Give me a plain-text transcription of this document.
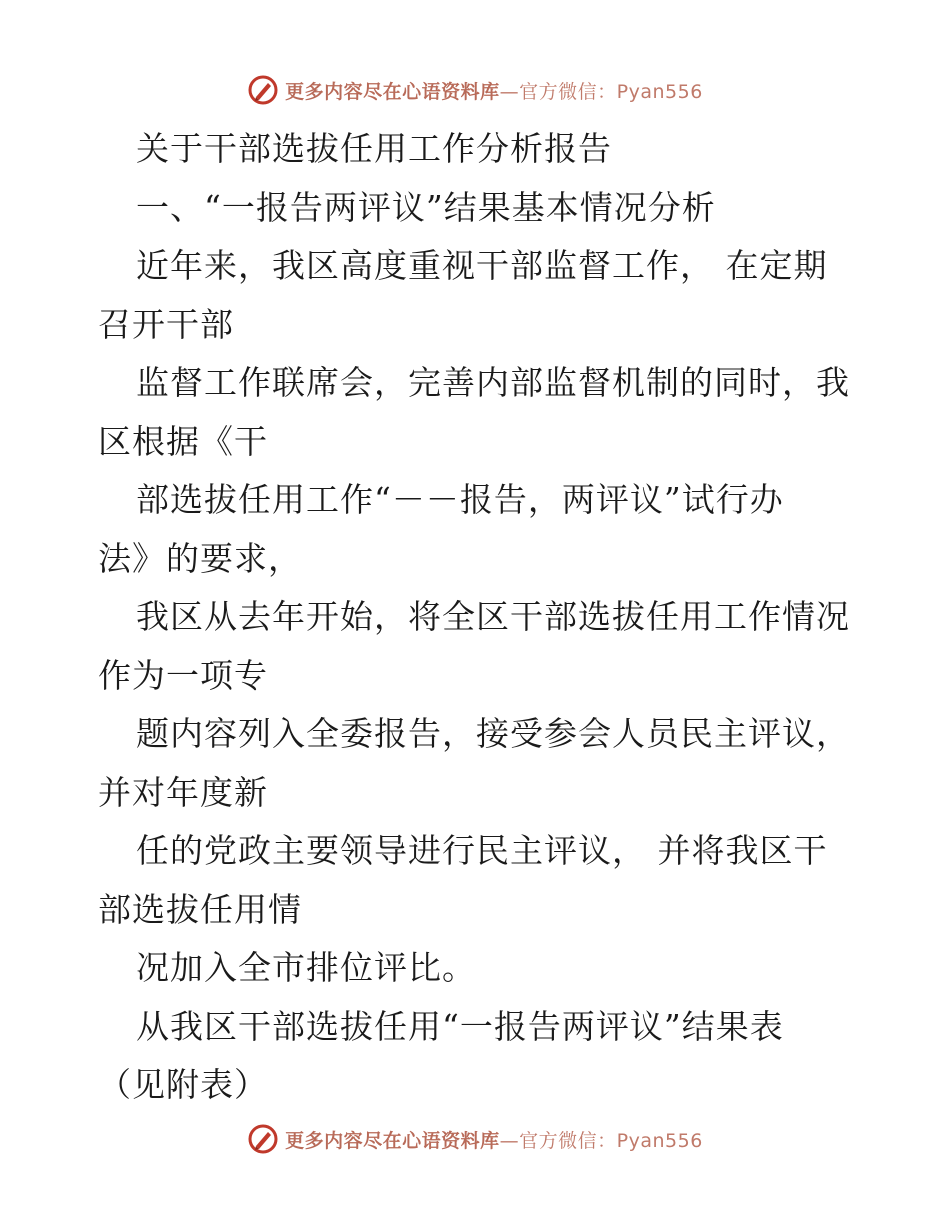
更多内容尽在心语资料库—官方微信：Pyan556
关于干部选拔任用工作分析报告
一、“一报告两评议”结果基本情况分析
近年来，我区高度重视干部监督工作， 在定期
召开干部
监督工作联席会，完善内部监督机制的同时，我
区根据《干
部选拔任用工作“－－报告，两评议”试行办
法》的要求，
我区从去年开始，将全区干部选拔任用工作情况
作为一项专
题内容列入全委报告，接受参会人员民主评议，
并对年度新
任的党政主要领导进行民主评议， 并将我区干
部选拔任用情
况加入全市排位评比。
从我区干部选拔任用“一报告两评议”结果表
（见附表）
更多内容尽在心语资料库—官方微信：Pyan556
